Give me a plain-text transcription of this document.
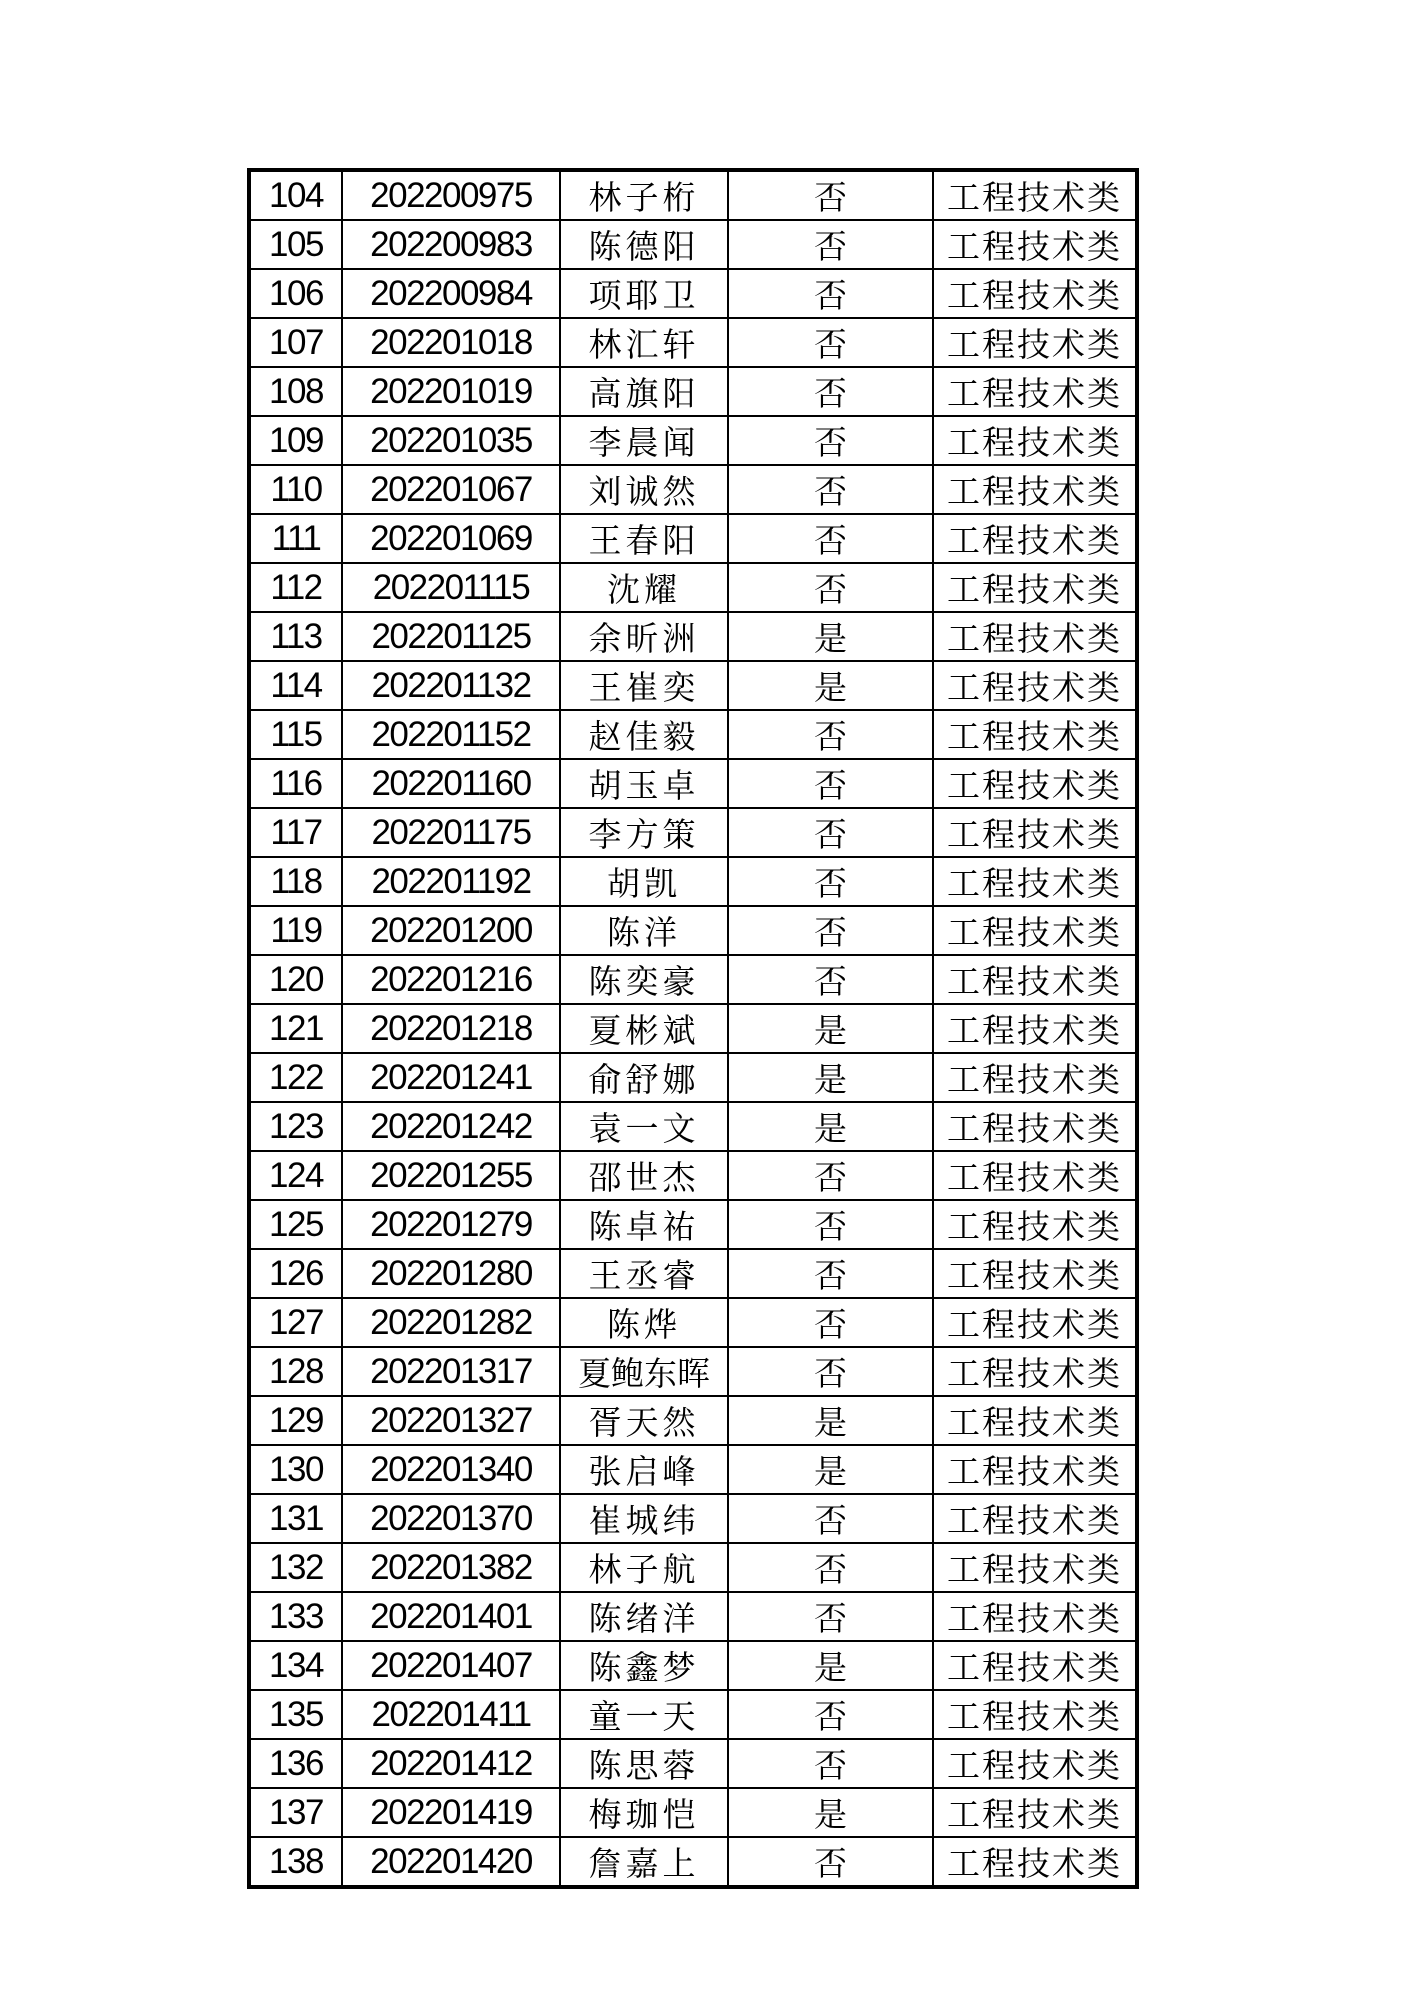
104	202200975	林子桁	否	工程技术类
105	202200983	陈德阳	否	工程技术类
106	202200984	项耶卫	否	工程技术类
107	202201018	林汇轩	否	工程技术类
108	202201019	高旗阳	否	工程技术类
109	202201035	李晨闻	否	工程技术类
110	202201067	刘诚然	否	工程技术类
111	202201069	王春阳	否	工程技术类
112	202201115	沈耀	否	工程技术类
113	202201125	余昕洲	是	工程技术类
114	202201132	王崔奕	是	工程技术类
115	202201152	赵佳毅	否	工程技术类
116	202201160	胡玉卓	否	工程技术类
117	202201175	李方策	否	工程技术类
118	202201192	胡凯	否	工程技术类
119	202201200	陈洋	否	工程技术类
120	202201216	陈奕豪	否	工程技术类
121	202201218	夏彬斌	是	工程技术类
122	202201241	俞舒娜	是	工程技术类
123	202201242	袁一文	是	工程技术类
124	202201255	邵世杰	否	工程技术类
125	202201279	陈卓祐	否	工程技术类
126	202201280	王丞睿	否	工程技术类
127	202201282	陈烨	否	工程技术类
128	202201317	夏鲍东晖	否	工程技术类
129	202201327	胥天然	是	工程技术类
130	202201340	张启峰	是	工程技术类
131	202201370	崔城纬	否	工程技术类
132	202201382	林子航	否	工程技术类
133	202201401	陈绪洋	否	工程技术类
134	202201407	陈鑫梦	是	工程技术类
135	202201411	童一天	否	工程技术类
136	202201412	陈思蓉	否	工程技术类
137	202201419	梅珈恺	是	工程技术类
138	202201420	詹嘉上	否	工程技术类
